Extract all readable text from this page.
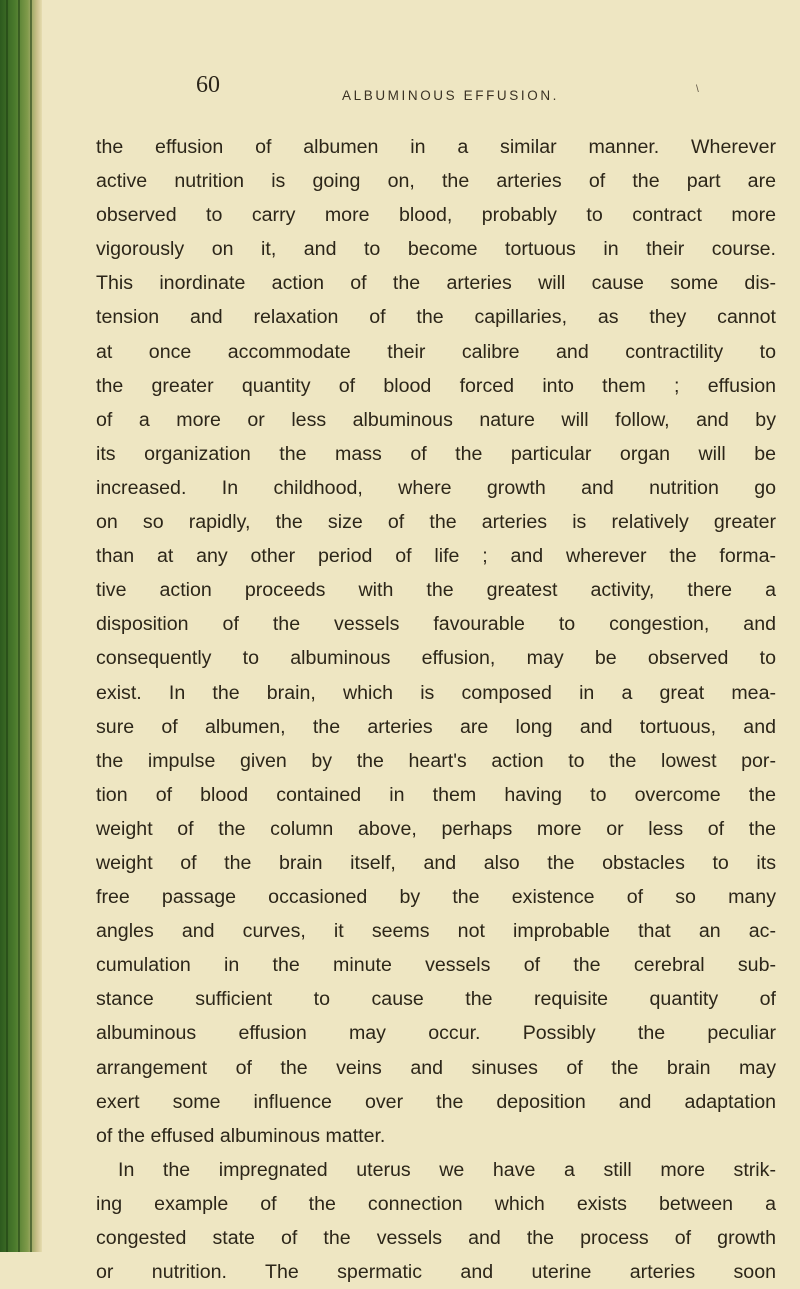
60	ALBUMINOUS EFFUSION.	\
the effusion of albumen in a similar manner. Wherever
active nutrition is going on, the arteries of the part are
observed to carry more blood, probably to contract more
vigorously on it, and to become tortuous in their course.
This inordinate action of the arteries will cause some dis-
tension and relaxation of the capillaries, as they cannot
at once accommodate their calibre and contractility to
the greater quantity of blood forced into them ; effusion
of a more or less albuminous nature will follow, and by
its organization the mass of the particular organ will be
increased. In childhood, where growth and nutrition go
on so rapidly, the size of the arteries is relatively greater
than at any other period of life ; and wherever the forma-
tive action proceeds with the greatest activity, there a
disposition of the vessels favourable to congestion, and
consequently to albuminous effusion, may be observed to
exist. In the brain, which is composed in a great mea-
sure of albumen, the arteries are long and tortuous, and
the impulse given by the heart's action to the lowest por-
tion of blood contained in them having to overcome the
weight of the column above, perhaps more or less of the
weight of the brain itself, and also the obstacles to its
free passage occasioned by the existence of so many
angles and curves, it seems not improbable that an ac-
cumulation in the minute vessels of the cerebral sub-
stance sufficient to cause the requisite quantity of
albuminous effusion may occur. Possibly the peculiar
arrangement of the veins and sinuses of the brain may
exert some influence over the deposition and adaptation
of the effused albuminous matter.
In the impregnated uterus we have a still more strik-
ing example of the connection which exists between a
congested state of the vessels and the process of growth
or nutrition. The spermatic and uterine arteries soon
